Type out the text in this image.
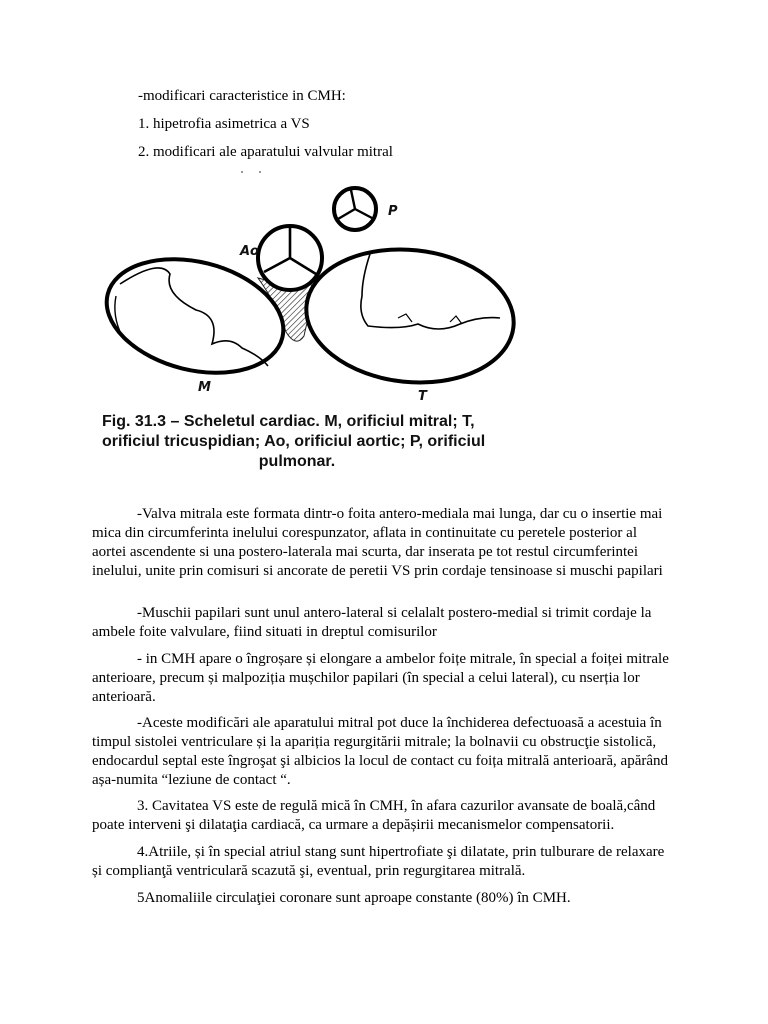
-modificari caracteristice in CMH:
1. hipetrofia asimetrica a VS
2. modificari ale aparatului valvular mitral
Ao
P
M
T
Fig. 31.3 – Scheletul cardiac. M, orificiul mitral; T,
orificiul tricuspidian; Ao, orificiul aortic; P, orificiul
pulmonar.
-Valva mitrala este formata dintr-o foita antero-mediala mai lunga, dar cu o insertie mai mica din circumferinta inelului corespunzator, aflata in continuitate cu peretele posterior al aortei ascendente si una postero-laterala mai scurta, dar inserata pe tot restul circumferintei inelului, unite prin comisuri si ancorate de peretii VS prin cordaje tensinoase si muschi papilari
-Muschii papilari sunt unul antero-lateral si celalalt postero-medial si trimit cordaje la ambele foite valvulare, fiind situati in dreptul comisurilor
- in CMH apare o îngroșare și elongare a ambelor foițe mitrale, în special a foiței mitrale anterioare, precum și malpoziția mușchilor papilari (în special a celui lateral), cu nserția lor anterioară.
-Aceste modificări ale aparatului mitral pot duce la închiderea defectuoasă a acestuia în timpul sistolei ventriculare și la apariția regurgitării mitrale; la bolnavii cu obstrucţie sistolică, endocardul septal este îngroşat şi albicios la locul de contact cu foița mitrală anterioară, apărând așa-numita “leziune de contact “.
3. Cavitatea VS este de regulă mică în CMH, în afara cazurilor avansate de boală,când poate interveni şi dilataţia cardiacă, ca urmare a depășirii mecanismelor compensatorii.
4.Atriile, și în special atriul stang sunt hipertrofiate şi dilatate, prin tulburare de relaxare și complianţă ventriculară scazută şi, eventual, prin regurgitarea mitrală.
5Anomaliile circulaţiei coronare sunt aproape constante (80%) în CMH.
